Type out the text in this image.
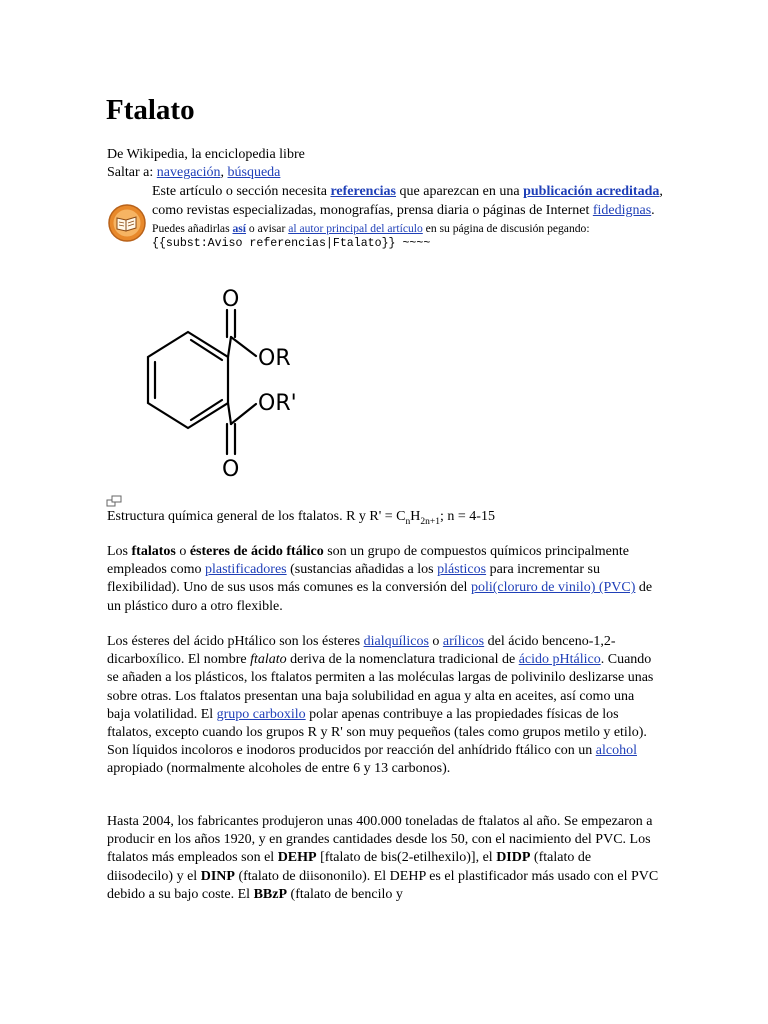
Ftalato

De Wikipedia, la enciclopedia libre

Saltar a: navegación, búsqueda

Este artículo o sección necesita referencias que aparezcan en una publicación acreditada, como revistas especializadas, monografías, prensa diaria o páginas de Internet fidedignas.
Puedes añadirlas así o avisar al autor principal del artículo en su página de discusión pegando:
{{subst:Aviso referencias|Ftalato}} ~~~~
O
OR
OR'
O
Estructura química general de los ftalatos. R y $R' = C_nH_{2n+1}$; n = 4-15

Los ftalatos o ésteres de ácido ftálico son un grupo de compuestos químicos principalmente empleados como plastificadores (sustancias añadidas a los plásticos para incrementar su flexibilidad). Uno de sus usos más comunes es la conversión del poli(cloruro de vinilo) (PVC) de un plástico duro a otro flexible.

Los ésteres del ácido pHtálico son los ésteres dialquílicos o arílicos del ácido benceno-1,2-dicarboxílico. El nombre ftalato deriva de la nomenclatura tradicional de ácido pHtálico. Cuando se añaden a los plásticos, los ftalatos permiten a las moléculas largas de polivinilo deslizarse unas sobre otras. Los ftalatos presentan una baja solubilidad en agua y alta en aceites, así como una baja volatilidad. El grupo carboxilo polar apenas contribuye a las propiedades físicas de los ftalatos, excepto cuando los grupos R y R' son muy pequeños (tales como grupos metilo y etilo). Son líquidos incoloros e inodoros producidos por reacción del anhídrido ftálico con un alcohol apropiado (normalmente alcoholes de entre 6 y 13 carbonos).

Hasta 2004, los fabricantes produjeron unas 400.000 toneladas de ftalatos al año. Se empezaron a producir en los años 1920, y en grandes cantidades desde los 50, con el nacimiento del PVC. Los ftalatos más empleados son el DEHP [ftalato de bis(2-etilhexilo)], el DIDP (ftalato de diisodecilo) y el DINP (ftalato de diisononilo). El DEHP es el plastificador más usado con el PVC debido a su bajo coste. El BBzP (ftalato de bencilo y
